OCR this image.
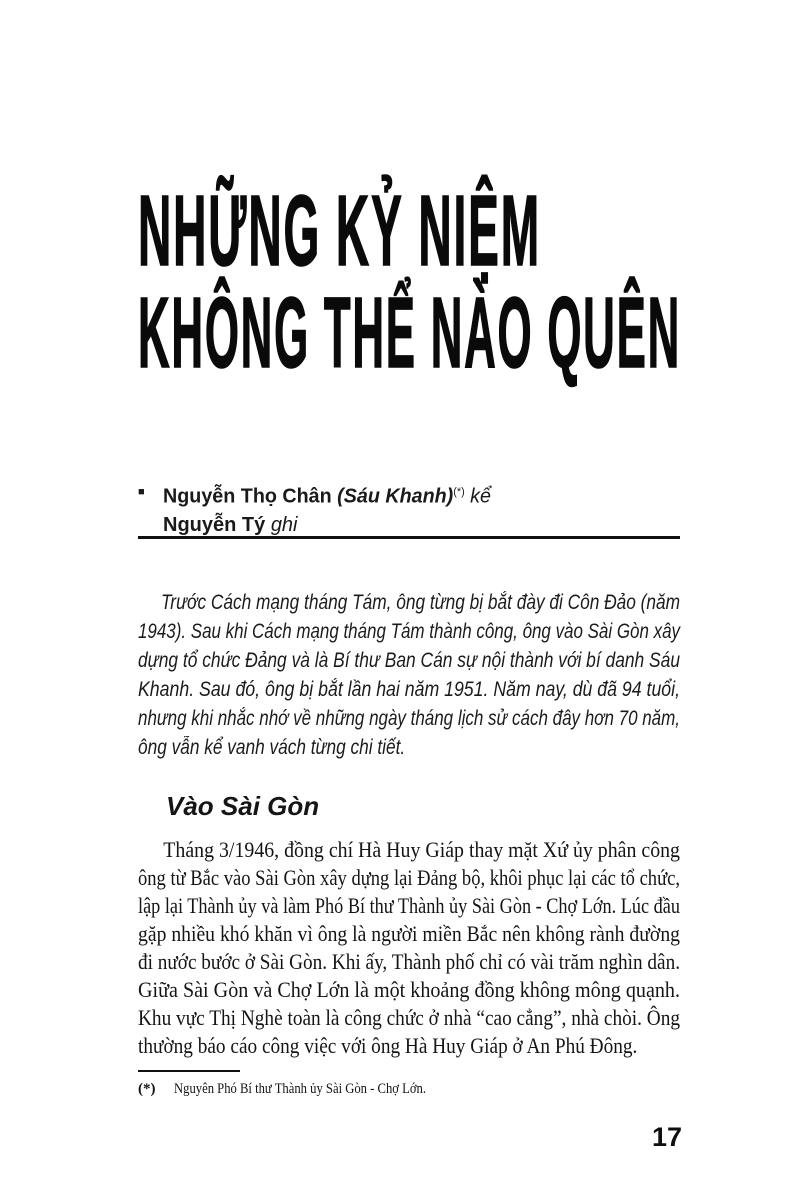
NHỮNG KỶ NIỆM
KHÔNG THỂ NÀO QUÊN
■ Nguyễn Thọ Chân (Sáu Khanh)(*) kể
Nguyễn Tý ghi
Trước Cách mạng tháng Tám, ông từng bị bắt đày đi Côn Đảo (năm
1943). Sau khi Cách mạng tháng Tám thành công, ông vào Sài Gòn xây
dựng tổ chức Đảng và là Bí thư Ban Cán sự nội thành với bí danh Sáu
Khanh. Sau đó, ông bị bắt lần hai năm 1951. Năm nay, dù đã 94 tuổi,
nhưng khi nhắc nhớ về những ngày tháng lịch sử cách đây hơn 70 năm,
ông vẫn kể vanh vách từng chi tiết.
Vào Sài Gòn
Tháng 3/1946, đồng chí Hà Huy Giáp thay mặt Xứ ủy phân công
ông từ Bắc vào Sài Gòn xây dựng lại Đảng bộ, khôi phục lại các tổ chức,
lập lại Thành ủy và làm Phó Bí thư Thành ủy Sài Gòn - Chợ Lớn. Lúc đầu
gặp nhiều khó khăn vì ông là người miền Bắc nên không rành đường
đi nước bước ở Sài Gòn. Khi ấy, Thành phố chỉ có vài trăm nghìn dân.
Giữa Sài Gòn và Chợ Lớn là một khoảng đồng không mông quạnh.
Khu vực Thị Nghè toàn là công chức ở nhà “cao cẳng”, nhà chòi. Ông
thường báo cáo công việc với ông Hà Huy Giáp ở An Phú Đông.
(*) Nguyên Phó Bí thư Thành ủy Sài Gòn - Chợ Lớn.
17
